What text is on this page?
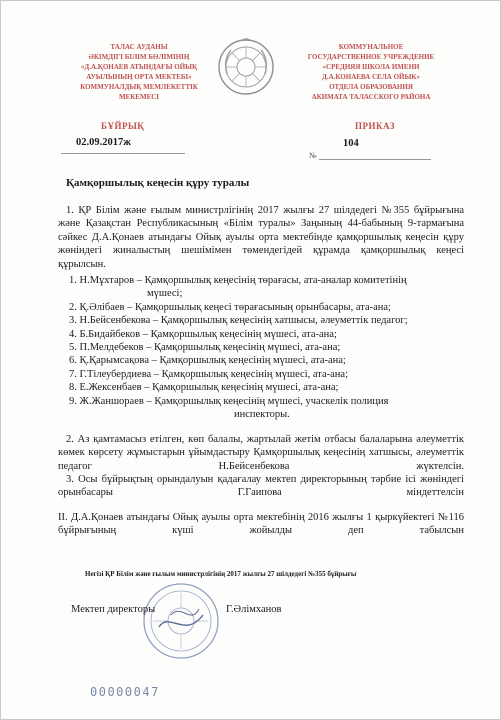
ТАЛАС АУДАНЫ
ӘКІМДІГІ БІЛІМ БӨЛІМІНІҢ
«Д.А.ҚОНАЕВ АТЫНДАҒЫ ОЙЫҚ
АУЫЛЫНЫҢ ОРТА МЕКТЕБІ»
КОММУНАЛДЫҚ МЕМЛЕКЕТТІК
МЕКЕМЕСІ
КОММУНАЛЬНОЕ
ГОСУДАРСТВЕННОЕ УЧРЕЖДЕНИЕ
«СРЕДНЯЯ ШКОЛА ИМЕНИ
Д.А.КОНАЕВА СЕЛА ОЙЫК»
ОТДЕЛА ОБРАЗОВАНИЯ
АКИМАТА ТАЛАССКОГО РАЙОНА
БҰЙРЫҚ	ПРИКАЗ
02.09.2017ж	104
№
Қамқоршылық кеңесін құру туралы
1. ҚР Білім және ғылым министрлігінің 2017 жылғы 27 шілдедегі №355 бұйрығына және Қазақстан Республикасының «Білім туралы» Заңының 44-бабының 9-тармағына сәйкес Д.А.Қонаев атындағы Ойық ауылы орта мектебінде қамқоршылық кеңесін құру жөніндегі жиналыстың шешімімен төмендегідей құрамда қамқоршылық кеңесі құрылсын.
1. Н.Мұхтаров – Қамқоршылық кеңесінің төрағасы, ата-аналар комитетінің
мүшесі;
2. Қ.Әлібаев – Қамқоршылық кеңесі төрағасының орынбасары, ата-ана;
3. Н.Бейсенбекова – Қамқоршылық кеңесінің хатшысы, әлеуметтік педагог;
4. Б.Бидайбеков – Қамқоршылық кеңесінің мүшесі, ата-ана;
5. П.Мелдебеков – Қамқоршылық кеңесінің мүшесі, ата-ана;
6. Қ.Қарымсақова – Қамқоршылық кеңесінің мүшесі, ата-ана;
7. Г.Тілеубердиева – Қамқоршылық кеңесінің мүшесі, ата-ана;
8. Е.Жексенбаев – Қамқоршылық кеңесінің мүшесі, ата-ана;
9. Ж.Жаншораев – Қамқоршылық кеңесінің мүшесі, учаскелік полиция
инспекторы.
2. Аз қамтамасыз етілген, көп балалы, жартылай жетім отбасы балаларына әлеуметтік көмек көрсету жұмыстарын ұйымдастыру Қамқоршылық кеңесінің хатшысы, әлеуметтік педагог Н.Бейсенбекова жүктелсін.
3. Осы бұйрықтың орындалуын қадағалау мектеп директорының тәрбие ісі жөніндегі орынбасары Г.Гаипова міндеттелсін
ІІ. Д.А.Қонаев атындағы Ойық ауылы орта мектебінің 2016 жылғы 1 қыркүйектегі №116 бұйрығының күші жойылды деп табылсын
Негізі ҚР Білім және ғылым министрлігінің 2017 жылғы 27 шілдедегі №355 бұйрығы
Мектеп директоры	Г.Әлімханов
00000047
